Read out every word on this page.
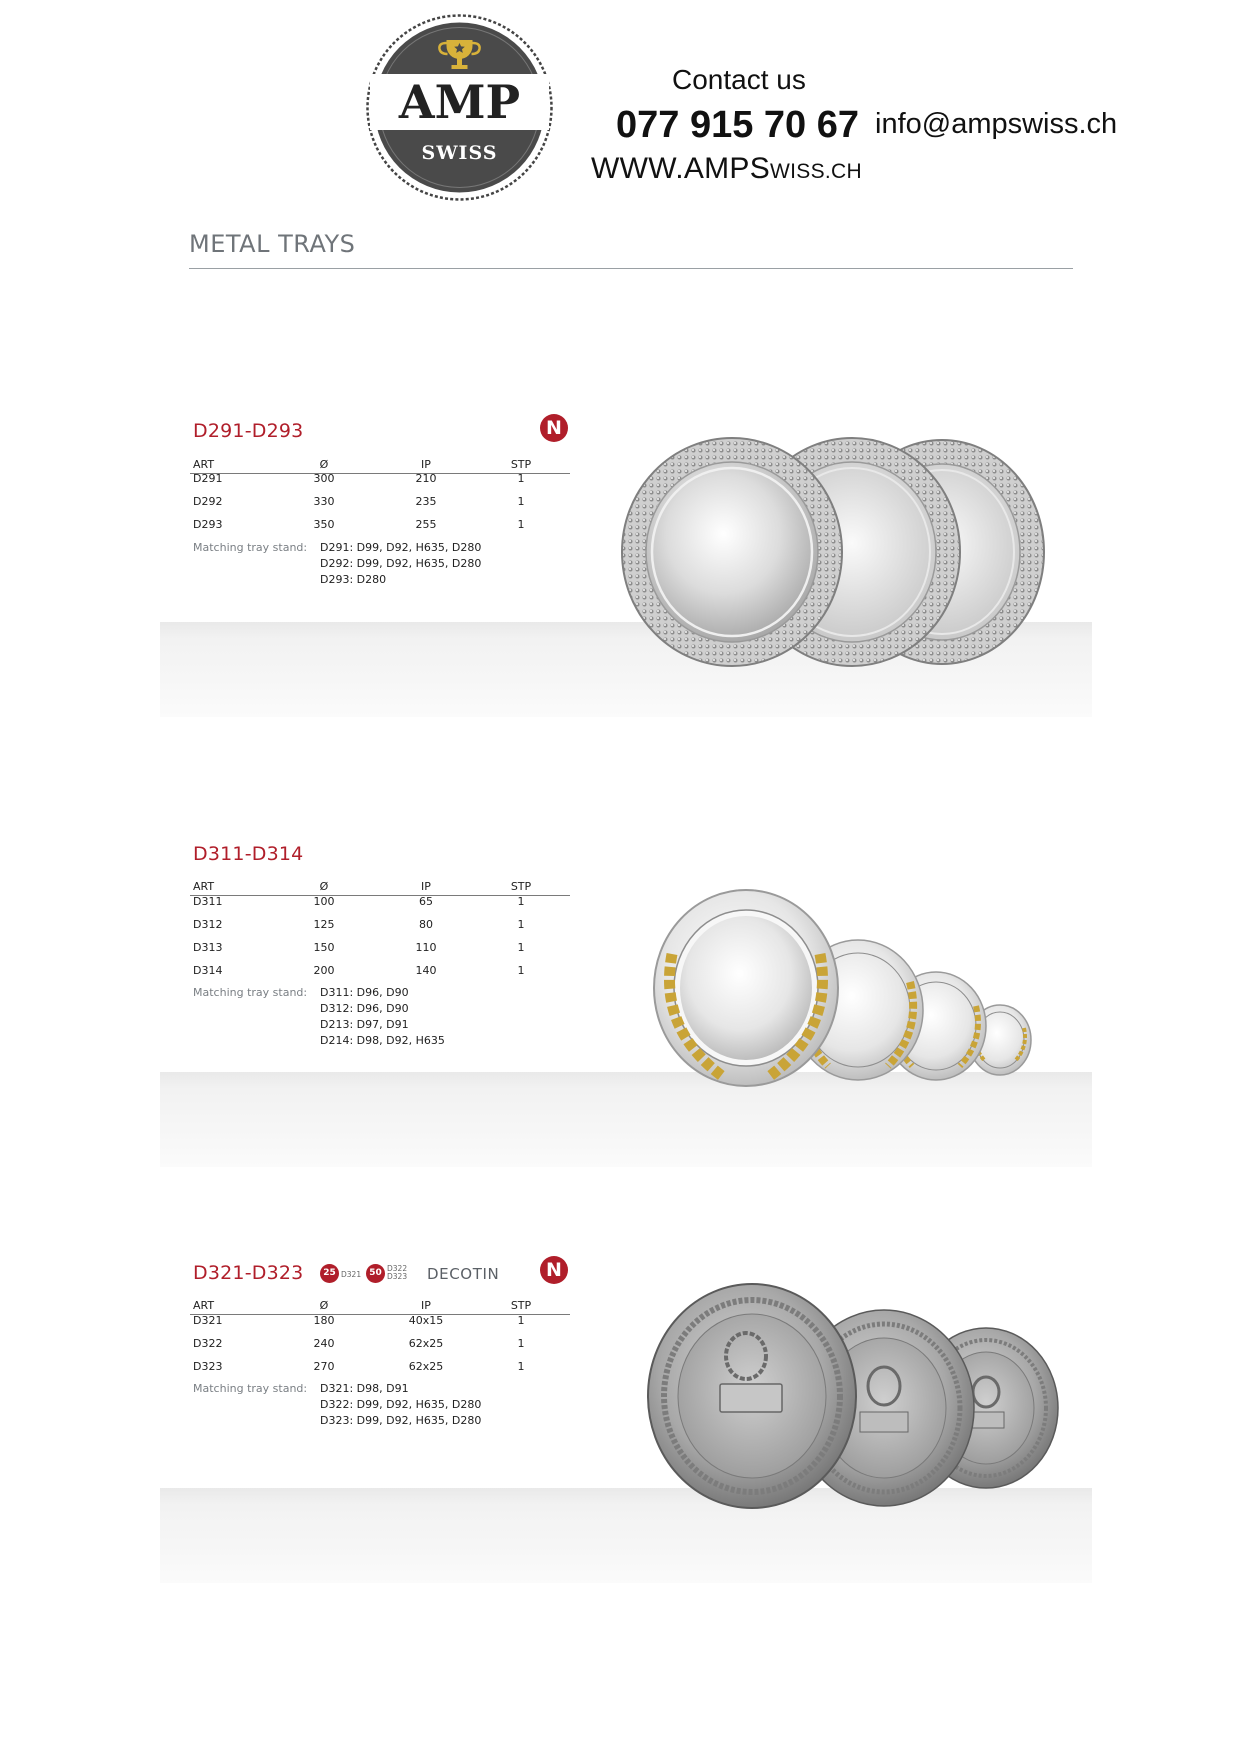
AMP
SWISS
Contact us
077 915 70 67 info@ampswiss.ch
WWW.AMPSWISS.CH
METAL TRAYS
D291-D293	N
ART	Ø	IP	STP
D291	300	210	1
D292	330	235	1
D293	350	255	1
Matching tray stand: D291: D99, D92, H635, D280
D292: D99, D92, H635, D280
D293: D280
D311-D314
ART	Ø	IP	STP
D311	100	65	1
D312	125	80	1
D313	150	110	1
D314	200	140	1
Matching tray stand: D311: D96, D90
D312: D96, D90
D213: D97, D91
D214: D98, D92, H635
D321-D323	25 D321 50 D322
D323 DECOTIN	N
ART	Ø	IP	STP
D321	180	40x15	1
D322	240	62x25	1
D323	270	62x25	1
Matching tray stand: D321: D98, D91
D322: D99, D92, H635, D280
D323: D99, D92, H635, D280
